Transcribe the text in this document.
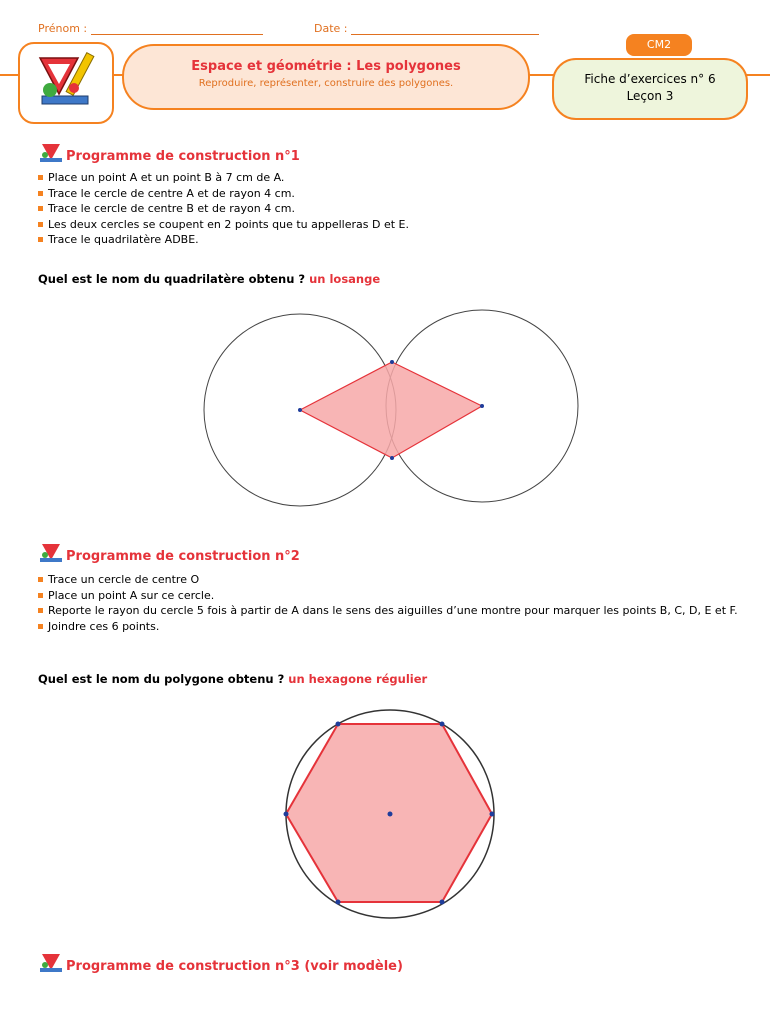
Prénom :	Date :
Espace et géométrie : Les polygones
Reproduire, représenter, construire des polygones.	Fiche d’exercices n° 6
Leçon 3
CM2
Programme de construction n°1
Place un point A et un point B à 7 cm de A.
Trace le cercle de centre A et de rayon 4 cm.
Trace le cercle de centre B et de rayon 4 cm.
Les deux cercles se coupent en 2 points que tu appelleras D et E.
Trace le quadrilatère ADBE.
Quel est le nom du quadrilatère obtenu ? un losange
Programme de construction n°2
Trace un cercle de centre O
Place un point A sur ce cercle.
Reporte le rayon du cercle 5 fois à partir de A dans le sens des aiguilles d’une montre pour marquer les points B, C, D, E et F.
Joindre ces 6 points.
Quel est le nom du polygone obtenu ? un hexagone régulier
Programme de construction n°3 (voir modèle)
